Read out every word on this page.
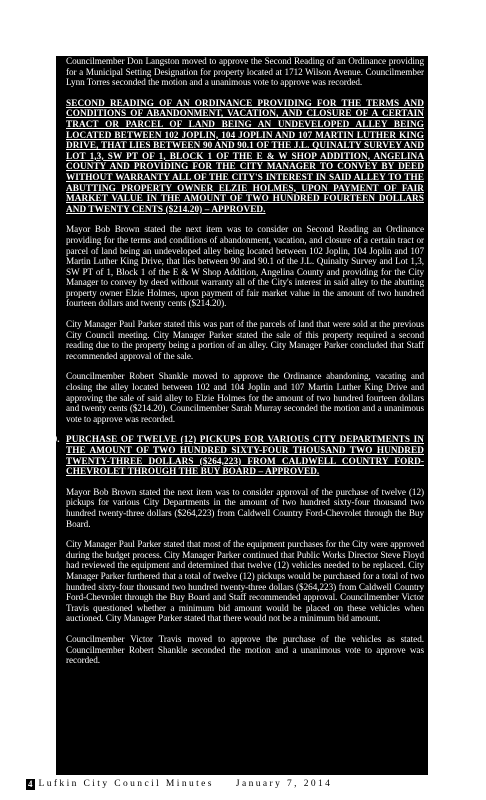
Councilmember Don Langston moved to approve the Second Reading of an Ordinance providing for a Municipal Setting Designation for property located at 1712 Wilson Avenue. Councilmember Lynn Torres seconded the motion and a unanimous vote to approve was recorded.

9. SECOND READING OF AN ORDINANCE PROVIDING FOR THE TERMS AND CONDITIONS OF ABANDONMENT, VACATION, AND CLOSURE OF A CERTAIN TRACT OR PARCEL OF LAND BEING AN UNDEVELOPED ALLEY BEING LOCATED BETWEEN 102 JOPLIN, 104 JOPLIN AND 107 MARTIN LUTHER KING DRIVE, THAT LIES BETWEEN 90 AND 90.1 OF THE J.L. QUINALTY SURVEY AND LOT 1,3, SW PT OF 1, BLOCK 1 OF THE E & W SHOP ADDITION, ANGELINA COUNTY AND PROVIDING FOR THE CITY MANAGER TO CONVEY BY DEED WITHOUT WARRANTY ALL OF THE CITY'S INTEREST IN SAID ALLEY TO THE ABUTTING PROPERTY OWNER ELZIE HOLMES, UPON PAYMENT OF FAIR MARKET VALUE IN THE AMOUNT OF TWO HUNDRED FOURTEEN DOLLARS AND TWENTY CENTS ($214.20) – APPROVED.

Mayor Bob Brown stated the next item was to consider on Second Reading an Ordinance providing for the terms and conditions of abandonment, vacation, and closure of a certain tract or parcel of land being an undeveloped alley being located between 102 Joplin, 104 Joplin and 107 Martin Luther King Drive, that lies between 90 and 90.1 of the J.L. Quinalty Survey and Lot 1,3, SW PT of 1, Block 1 of the E & W Shop Addition, Angelina County and providing for the City Manager to convey by deed without warranty all of the City's interest in said alley to the abutting property owner Elzie Holmes, upon payment of fair market value in the amount of two hundred fourteen dollars and twenty cents ($214.20).

City Manager Paul Parker stated this was part of the parcels of land that were sold at the previous City Council meeting. City Manager Parker stated the sale of this property required a second reading due to the property being a portion of an alley. City Manager Parker concluded that Staff recommended approval of the sale.

Councilmember Robert Shankle moved to approve the Ordinance abandoning, vacating and closing the alley located between 102 and 104 Joplin and 107 Martin Luther King Drive and approving the sale of said alley to Elzie Holmes for the amount of two hundred fourteen dollars and twenty cents ($214.20). Councilmember Sarah Murray seconded the motion and a unanimous vote to approve was recorded.

10. PURCHASE OF TWELVE (12) PICKUPS FOR VARIOUS CITY DEPARTMENTS IN THE AMOUNT OF TWO HUNDRED SIXTY-FOUR THOUSAND TWO HUNDRED TWENTY-THREE DOLLARS ($264,223) FROM CALDWELL COUNTRY FORD-CHEVROLET THROUGH THE BUY BOARD – APPROVED.

Mayor Bob Brown stated the next item was to consider approval of the purchase of twelve (12) pickups for various City Departments in the amount of two hundred sixty-four thousand two hundred twenty-three dollars ($264,223) from Caldwell Country Ford-Chevrolet through the Buy Board.

City Manager Paul Parker stated that most of the equipment purchases for the City were approved during the budget process. City Manager Parker continued that Public Works Director Steve Floyd had reviewed the equipment and determined that twelve (12) vehicles needed to be replaced. City Manager Parker furthered that a total of twelve (12) pickups would be purchased for a total of two hundred sixty-four thousand two hundred twenty-three dollars ($264,223) from Caldwell Country Ford-Chevrolet through the Buy Board and Staff recommended approval. Councilmember Victor Travis questioned whether a minimum bid amount would be placed on these vehicles when auctioned. City Manager Parker stated that there would not be a minimum bid amount.

Councilmember Victor Travis moved to approve the purchase of the vehicles as stated. Councilmember Robert Shankle seconded the motion and a unanimous vote to approve was recorded.

4 Lufkin City Council Minutes January 7, 2014
